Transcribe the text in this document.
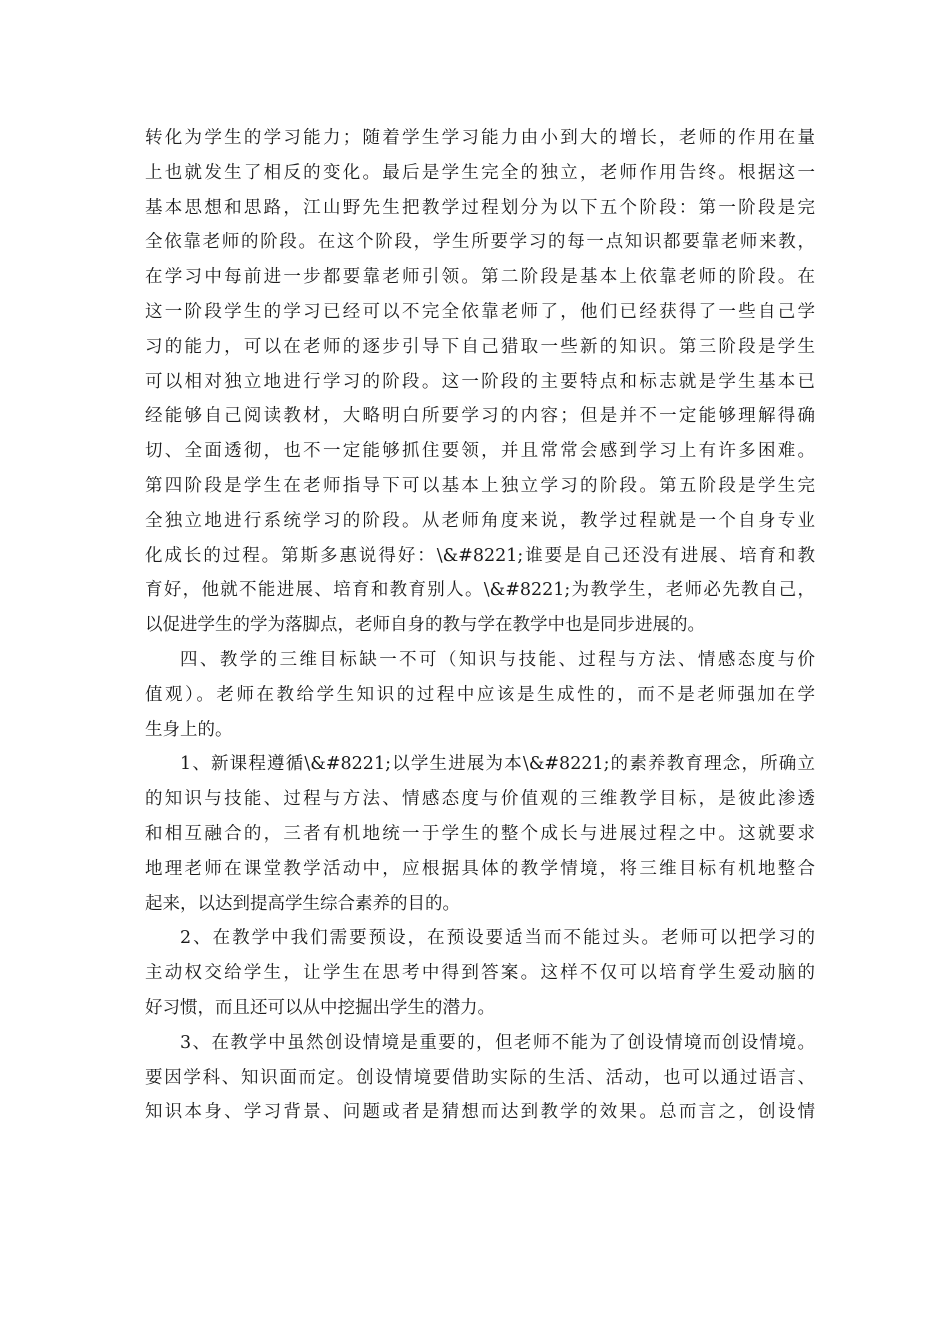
转化为学生的学习能力；随着学生学习能力由小到大的增长，老师的作用在量
上也就发生了相反的变化。最后是学生完全的独立，老师作用告终。根据这一
基本思想和思路，江山野先生把教学过程划分为以下五个阶段：第一阶段是完
全依靠老师的阶段。在这个阶段，学生所要学习的每一点知识都要靠老师来教，
在学习中每前进一步都要靠老师引领。第二阶段是基本上依靠老师的阶段。在
这一阶段学生的学习已经可以不完全依靠老师了，他们已经获得了一些自己学
习的能力，可以在老师的逐步引导下自己猎取一些新的知识。第三阶段是学生
可以相对独立地进行学习的阶段。这一阶段的主要特点和标志就是学生基本已
经能够自己阅读教材，大略明白所要学习的内容；但是并不一定能够理解得确
切、全面透彻，也不一定能够抓住要领，并且常常会感到学习上有许多困难。
第四阶段是学生在老师指导下可以基本上独立学习的阶段。第五阶段是学生完
全独立地进行系统学习的阶段。从老师角度来说，教学过程就是一个自身专业
化成长的过程。第斯多惠说得好：\&#8221;谁要是自己还没有进展、培育和教
育好，他就不能进展、培育和教育别人。\&#8221;为教学生，老师必先教自己，
以促进学生的学为落脚点，老师自身的教与学在教学中也是同步进展的。
四、教学的三维目标缺一不可（知识与技能、过程与方法、情感态度与价
值观）。老师在教给学生知识的过程中应该是生成性的，而不是老师强加在学
生身上的。
1、新课程遵循\&#8221;以学生进展为本\&#8221;的素养教育理念，所确立
的知识与技能、过程与方法、情感态度与价值观的三维教学目标，是彼此渗透
和相互融合的，三者有机地统一于学生的整个成长与进展过程之中。这就要求
地理老师在课堂教学活动中，应根据具体的教学情境，将三维目标有机地整合
起来，以达到提高学生综合素养的目的。
2、在教学中我们需要预设，在预设要适当而不能过头。老师可以把学习的
主动权交给学生，让学生在思考中得到答案。这样不仅可以培育学生爱动脑的
好习惯，而且还可以从中挖掘出学生的潜力。
3、在教学中虽然创设情境是重要的，但老师不能为了创设情境而创设情境。
要因学科、知识面而定。创设情境要借助实际的生活、活动，也可以通过语言、
知识本身、学习背景、问题或者是猜想而达到教学的效果。总而言之，创设情
